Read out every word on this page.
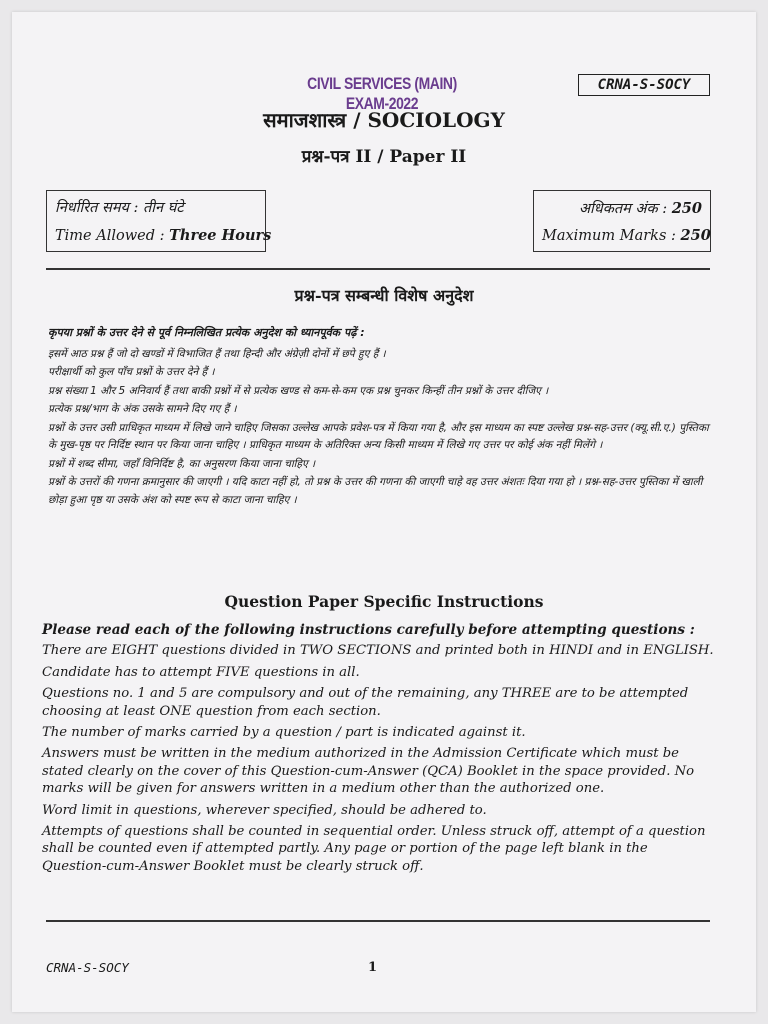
CIVIL SERVICES (MAIN) EXAM-2022
CRNA-S-SOCY
समाजशास्त्र / SOCIOLOGY
प्रश्न-पत्र II / Paper II
निर्धारित समय : तीन घंटे
Time Allowed : Three Hours
अधिकतम अंक : 250
Maximum Marks : 250
प्रश्न-पत्र सम्बन्धी विशेष अनुदेश

कृपया प्रश्नों के उत्तर देने से पूर्व निम्नलिखित प्रत्येक अनुदेश को ध्यानपूर्वक पढ़ें :

इसमें आठ प्रश्न हैं जो दो खण्डों में विभाजित हैं तथा हिन्दी और अंग्रेज़ी दोनों में छपे हुए हैं ।

परीक्षार्थी को कुल पाँच प्रश्नों के उत्तर देने हैं ।

प्रश्न संख्या 1 और 5 अनिवार्य हैं तथा बाकी प्रश्नों में से प्रत्येक खण्ड से कम-से-कम एक प्रश्न चुनकर किन्हीं तीन प्रश्नों के उत्तर दीजिए ।

प्रत्येक प्रश्न/भाग के अंक उसके सामने दिए गए हैं ।

प्रश्नों के उत्तर उसी प्राधिकृत माध्यम में लिखे जाने चाहिए जिसका उल्लेख आपके प्रवेश-पत्र में किया गया है, और इस माध्यम का स्पष्ट उल्लेख प्रश्न-सह-उत्तर (क्यू.सी.ए.) पुस्तिका के मुख-पृष्ठ पर निर्दिष्ट स्थान पर किया जाना चाहिए । प्राधिकृत माध्यम के अतिरिक्त अन्य किसी माध्यम में लिखे गए उत्तर पर कोई अंक नहीं मिलेंगे ।

प्रश्नों में शब्द सीमा, जहाँ विनिर्दिष्ट है, का अनुसरण किया जाना चाहिए ।

प्रश्नों के उत्तरों की गणना क्रमानुसार की जाएगी । यदि काटा नहीं हो, तो प्रश्न के उत्तर की गणना की जाएगी चाहे वह उत्तर अंशतः दिया गया हो । प्रश्न-सह-उत्तर पुस्तिका में खाली छोड़ा हुआ पृष्ठ या उसके अंश को स्पष्ट रूप से काटा जाना चाहिए ।

Question Paper Specific Instructions

Please read each of the following instructions carefully before attempting questions :

There are EIGHT questions divided in TWO SECTIONS and printed both in HINDI and in ENGLISH.

Candidate has to attempt FIVE questions in all.

Questions no. 1 and 5 are compulsory and out of the remaining, any THREE are to be attempted choosing at least ONE question from each section.

The number of marks carried by a question / part is indicated against it.

Answers must be written in the medium authorized in the Admission Certificate which must be stated clearly on the cover of this Question-cum-Answer (QCA) Booklet in the space provided. No marks will be given for answers written in a medium other than the authorized one.

Word limit in questions, wherever specified, should be adhered to.

Attempts of questions shall be counted in sequential order. Unless struck off, attempt of a question shall be counted even if attempted partly. Any page or portion of the page left blank in the Question-cum-Answer Booklet must be clearly struck off.

CRNA-S-SOCY	1
